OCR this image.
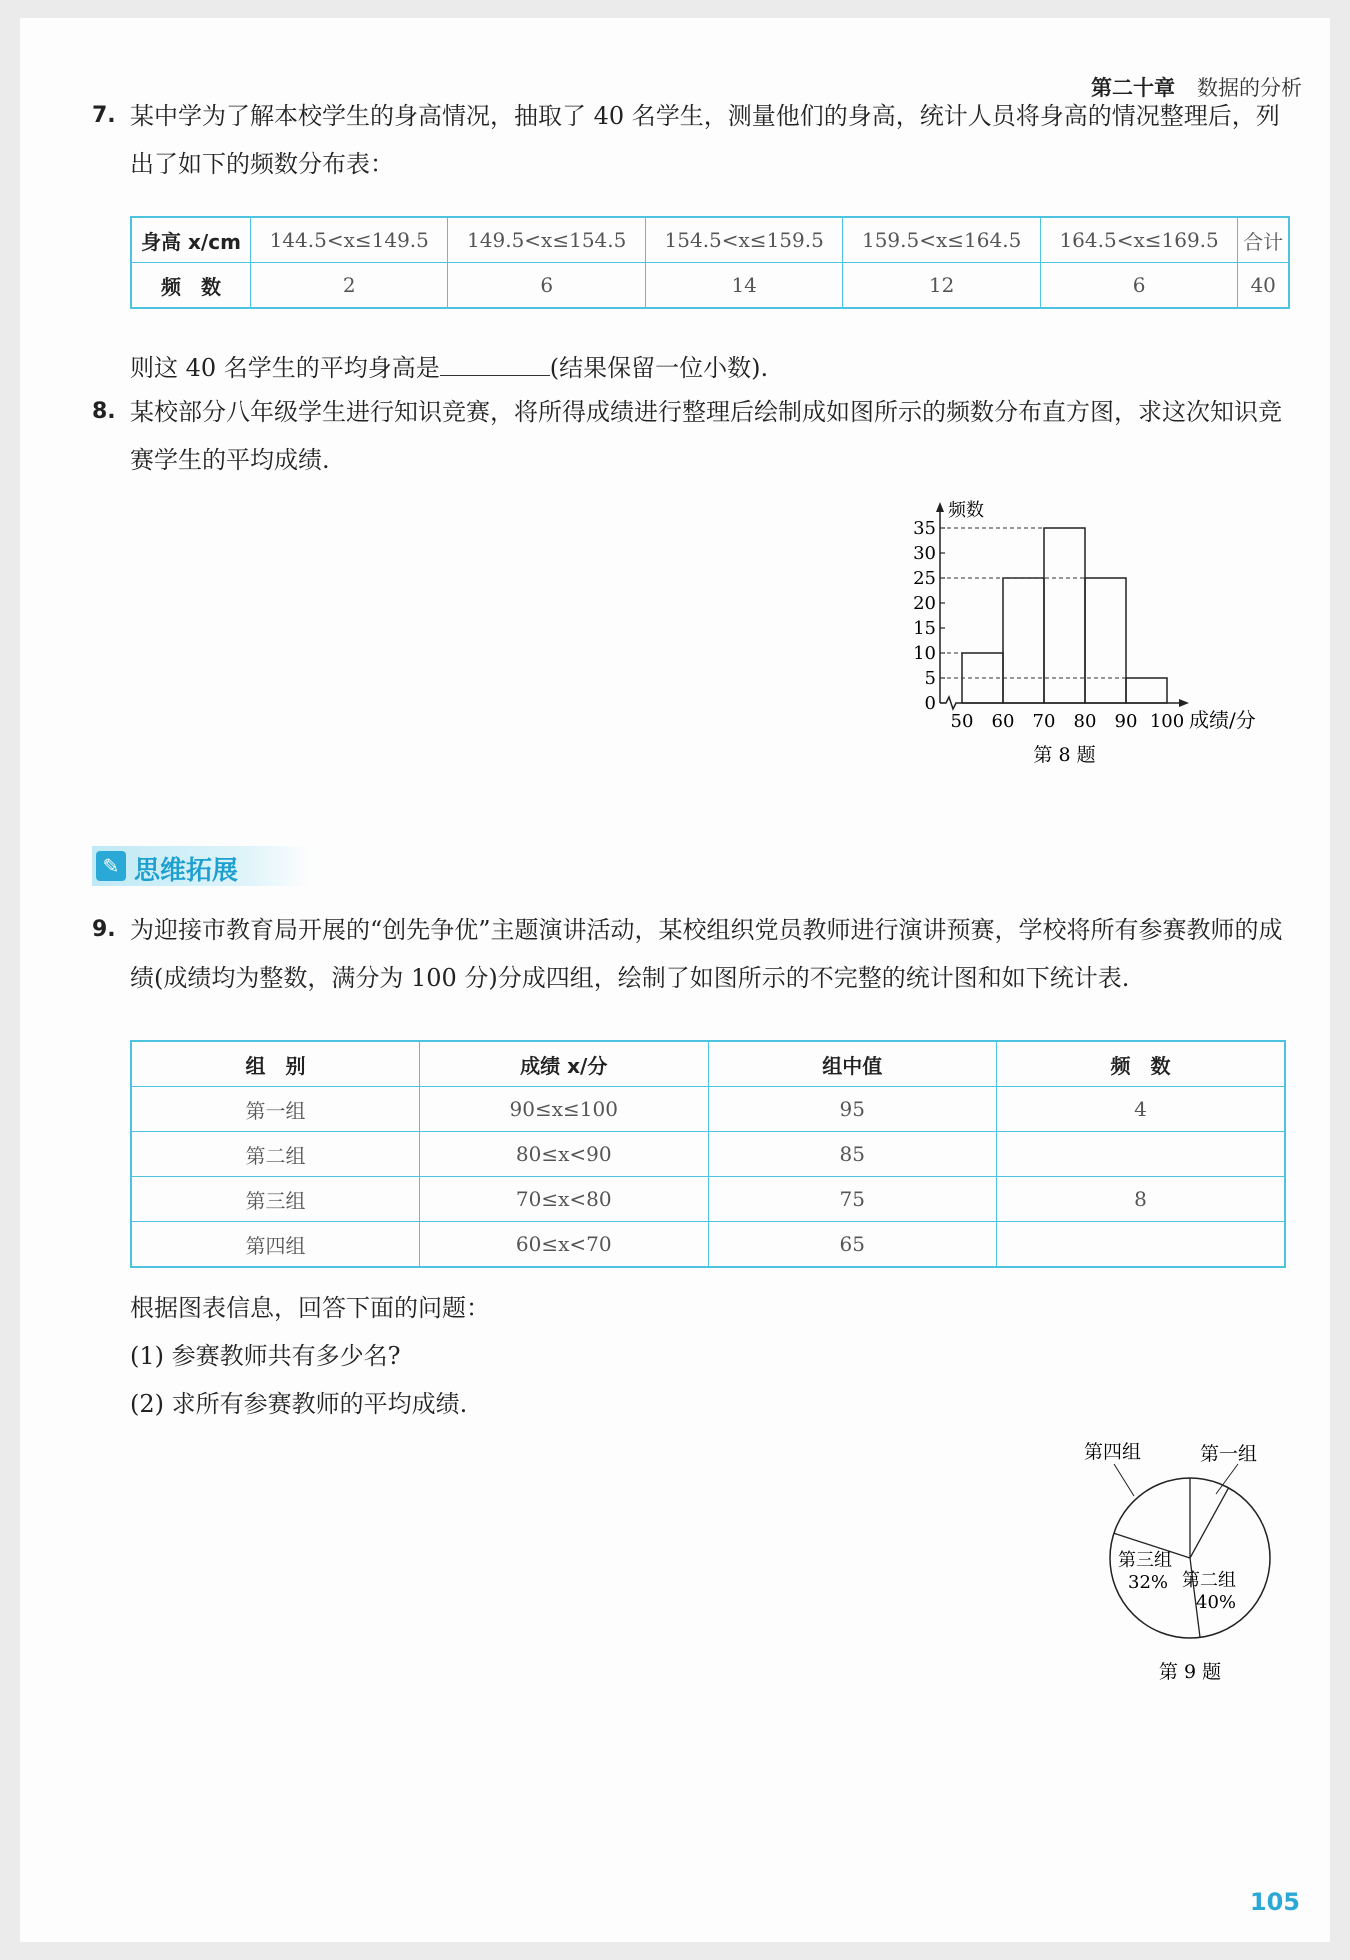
第二十章 数据的分析
7. 某中学为了解本校学生的身高情况，抽取了 40 名学生，测量他们的身高，统计人员将身高的情况整理后，列出了如下的频数分布表：
身高 x/cm	144.5<x≤149.5	149.5<x≤154.5	154.5<x≤159.5	159.5<x≤164.5	164.5<x≤169.5	合计
频　数	2	6	14	12	6	40
则这 40 名学生的平均身高是	(结果保留一位小数).
8. 某校部分八年级学生进行知识竞赛，将所得成绩进行整理后绘制成如图所示的频数分布直方图，求这次知识竞赛学生的平均成绩.
频数
0
5
10
15
20
25
30
35
50 60 70 80 90 100 成绩/分
第 8 题
✎ 思维拓展
9. 为迎接市教育局开展的“创先争优”主题演讲活动，某校组织党员教师进行演讲预赛，学校将所有参赛教师的成绩(成绩均为整数，满分为 100 分)分成四组，绘制了如图所示的不完整的统计图和如下统计表.
组　别	成绩 x/分	组中值	频　数
第一组	90≤x≤100	95	4
第二组	80≤x<90	85	
第三组	70≤x<80	75	8
第四组	60≤x<70	65	
根据图表信息，回答下面的问题：
(1) 参赛教师共有多少名?
(2) 求所有参赛教师的平均成绩.
第一组
第四组
第二组
40%
第三组
32%
第 9 题
105
